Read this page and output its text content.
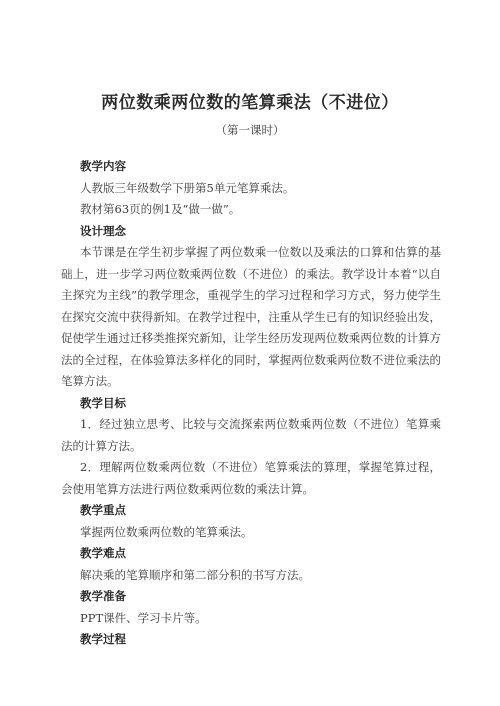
两位数乘两位数的笔算乘法（不进位）
（第一课时）

教学内容

人教版三年级数学下册第5单元笔算乘法。

教材第63页的例1及“做一做”。

设计理念

本节课是在学生初步掌握了两位数乘一位数以及乘法的口算和估算的基础上，进一步学习两位数乘两位数（不进位）的乘法。教学设计本着“以自主探究为主线”的教学理念，重视学生的学习过程和学习方式，努力使学生在探究交流中获得新知。在教学过程中，注重从学生已有的知识经验出发，促使学生通过迁移类推探究新知，让学生经历发现两位数乘两位数的计算方法的全过程，在体验算法多样化的同时，掌握两位数乘两位数不进位乘法的笔算方法。

教学目标

1．经过独立思考、比较与交流探索两位数乘两位数（不进位）笔算乘法的计算方法。

2．理解两位数乘两位数（不进位）笔算乘法的算理，掌握笔算过程，会使用笔算方法进行两位数乘两位数的乘法计算。

教学重点

掌握两位数乘两位数的笔算乘法。

教学难点

解决乘的笔算顺序和第二部分积的书写方法。

教学准备

PPT课件、学习卡片等。

教学过程
